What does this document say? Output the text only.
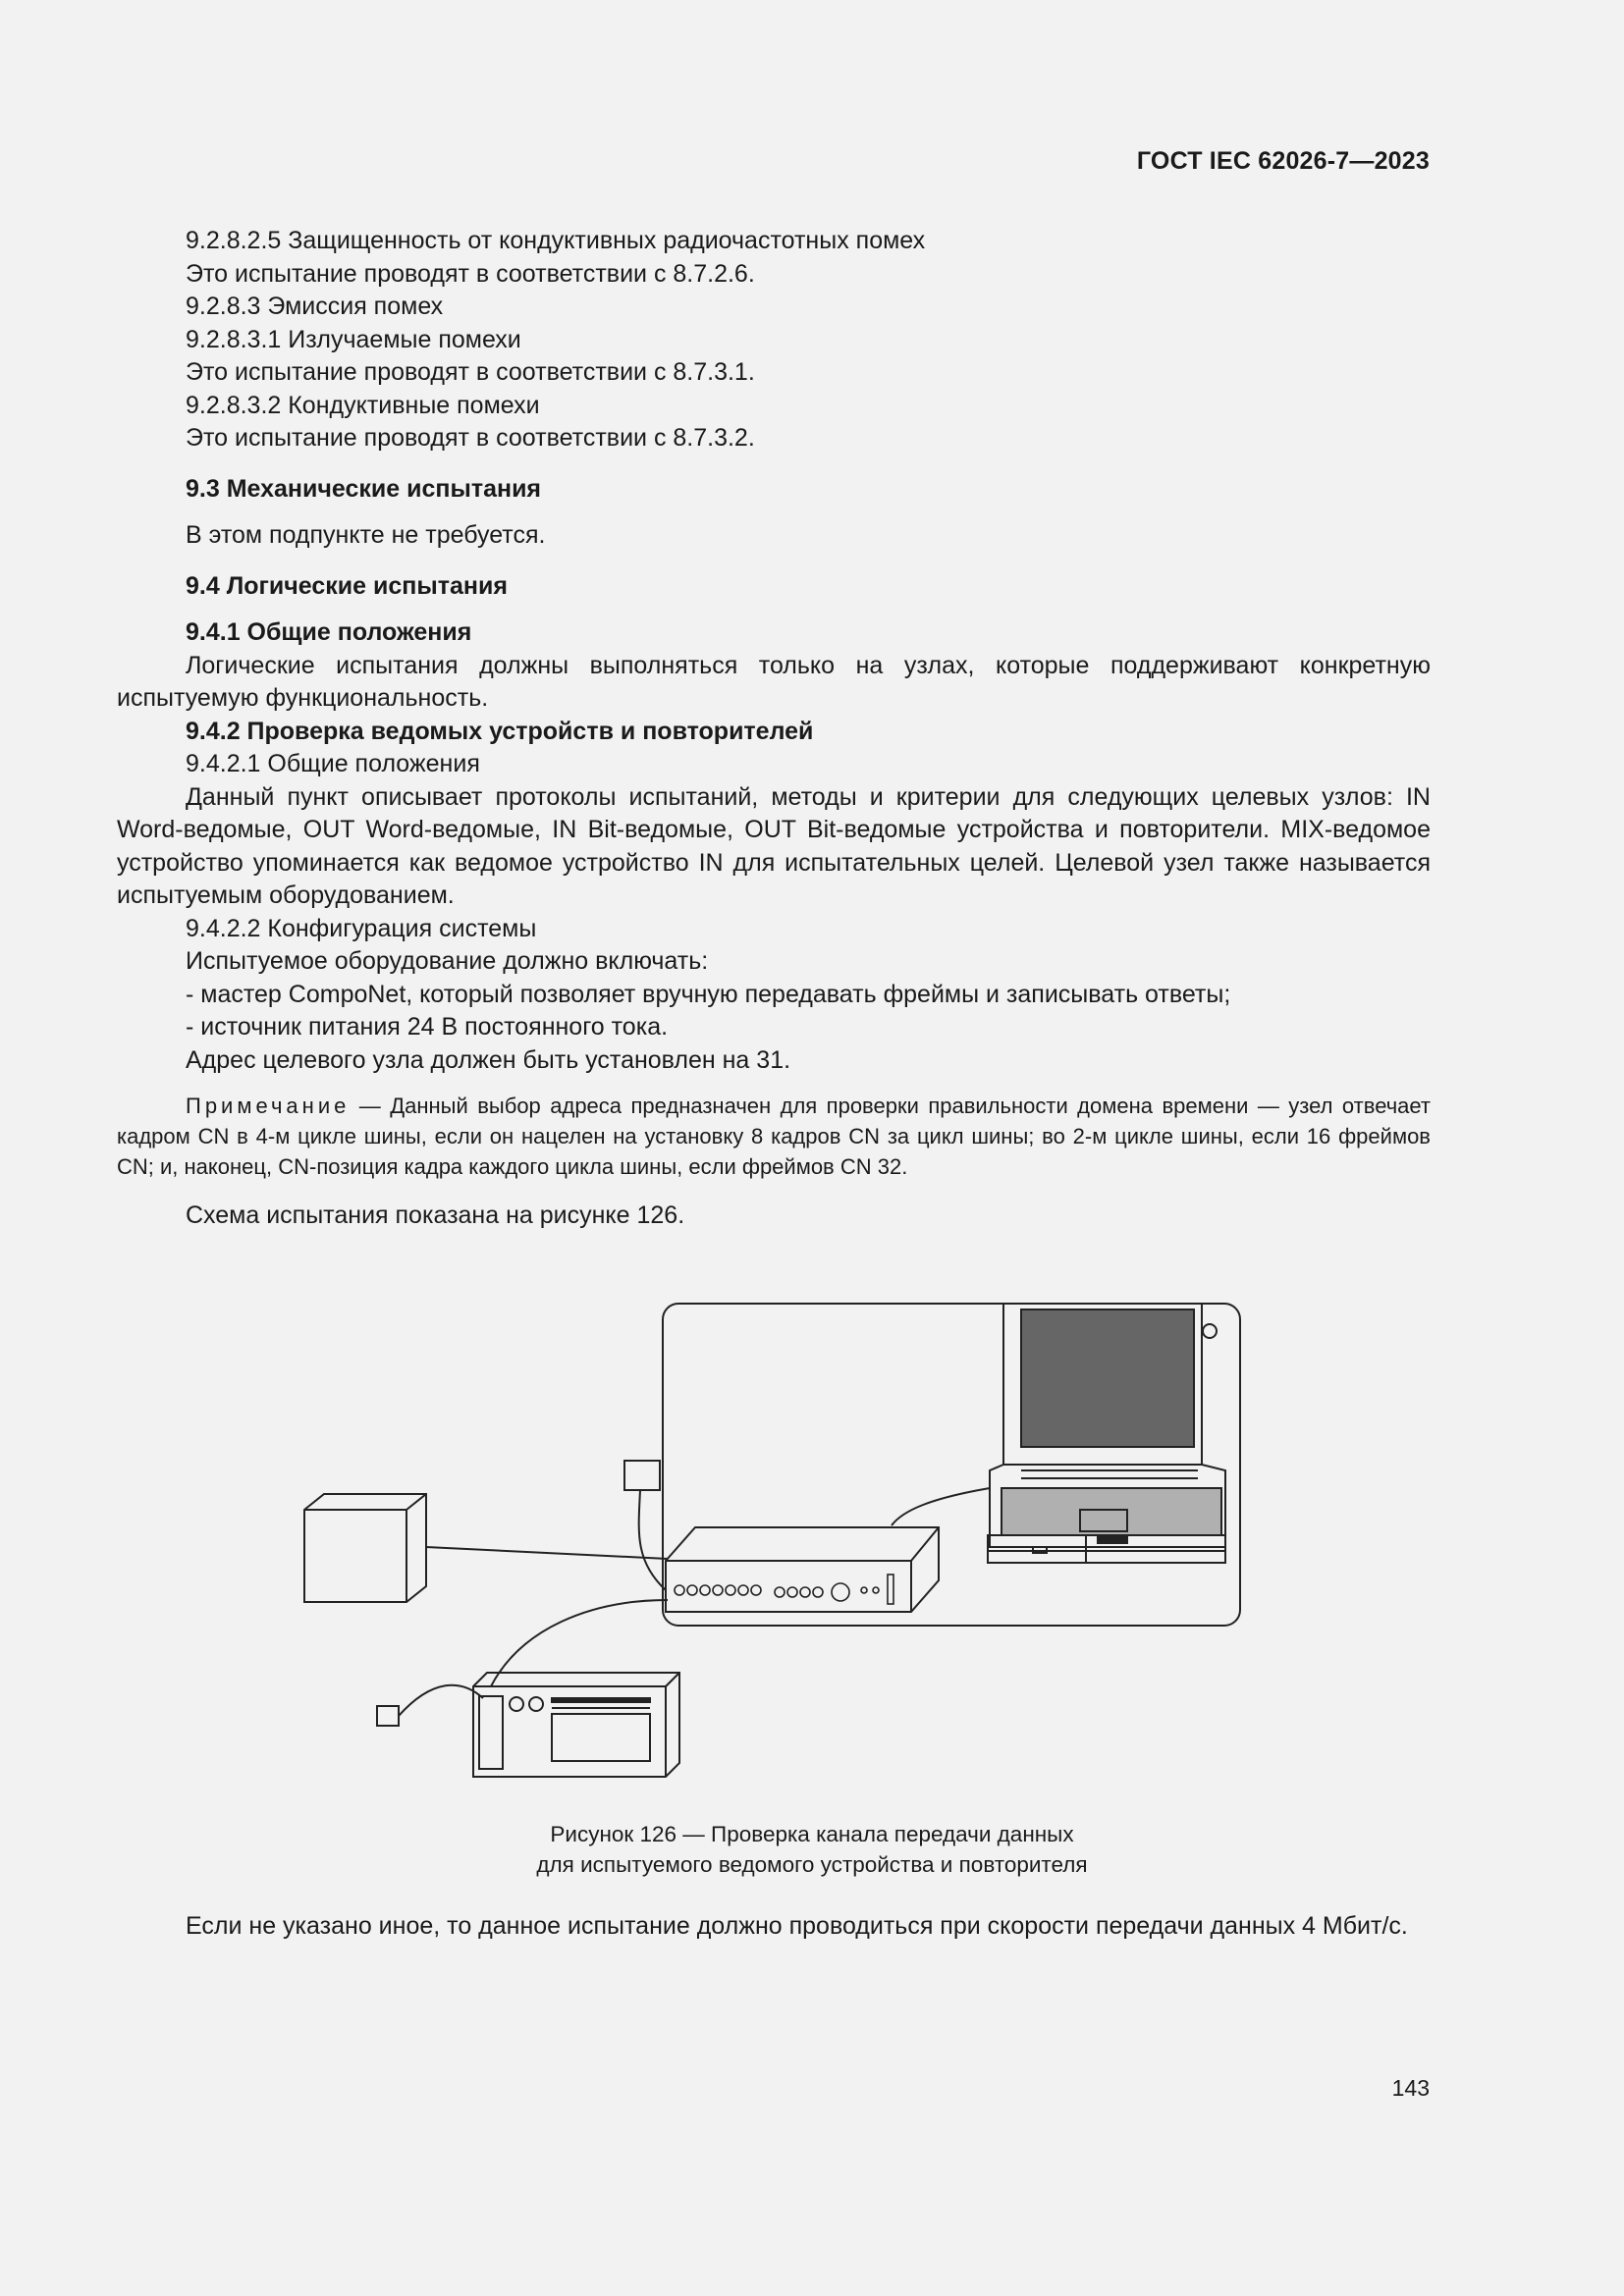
ГОСТ IEC 62026-7—2023

9.2.8.2.5 Защищенность от кондуктивных радиочастотных помех

Это испытание проводят в соответствии с 8.7.2.6.

9.2.8.3 Эмиссия помех

9.2.8.3.1 Излучаемые помехи

Это испытание проводят в соответствии с 8.7.3.1.

9.2.8.3.2 Кондуктивные помехи

Это испытание проводят в соответствии с 8.7.3.2.

9.3 Механические испытания

В этом подпункте не требуется.

9.4 Логические испытания

9.4.1 Общие положения

Логические испытания должны выполняться только на узлах, которые поддерживают конкретную испытуемую функциональность.

9.4.2 Проверка ведомых устройств и повторителей

9.4.2.1 Общие положения

Данный пункт описывает протоколы испытаний, методы и критерии для следующих целевых узлов: IN Word-ведомые, OUT Word-ведомые, IN Bit-ведомые, OUT Bit-ведомые устройства и повторители. MIX-ведомое устройство упоминается как ведомое устройство IN для испытательных целей. Целевой узел также называется испытуемым оборудованием.

9.4.2.2 Конфигурация системы

Испытуемое оборудование должно включать:

- мастер CompoNet, который позволяет вручную передавать фреймы и записывать ответы;

- источник питания 24 В постоянного тока.

Адрес целевого узла должен быть установлен на 31.

Примечание — Данный выбор адреса предназначен для проверки правильности домена времени — узел отвечает кадром CN в 4-м цикле шины, если он нацелен на установку 8 кадров CN за цикл шины; во 2-м цикле шины, если 16 фреймов CN; и, наконец, CN-позиция кадра каждого цикла шины, если фреймов CN 32.

Схема испытания показана на рисунке 126.

Рисунок 126 — Проверка канала передачи данных
для испытуемого ведомого устройства и повторителя

Если не указано иное, то данное испытание должно проводиться при скорости передачи данных 4 Мбит/с.

143
